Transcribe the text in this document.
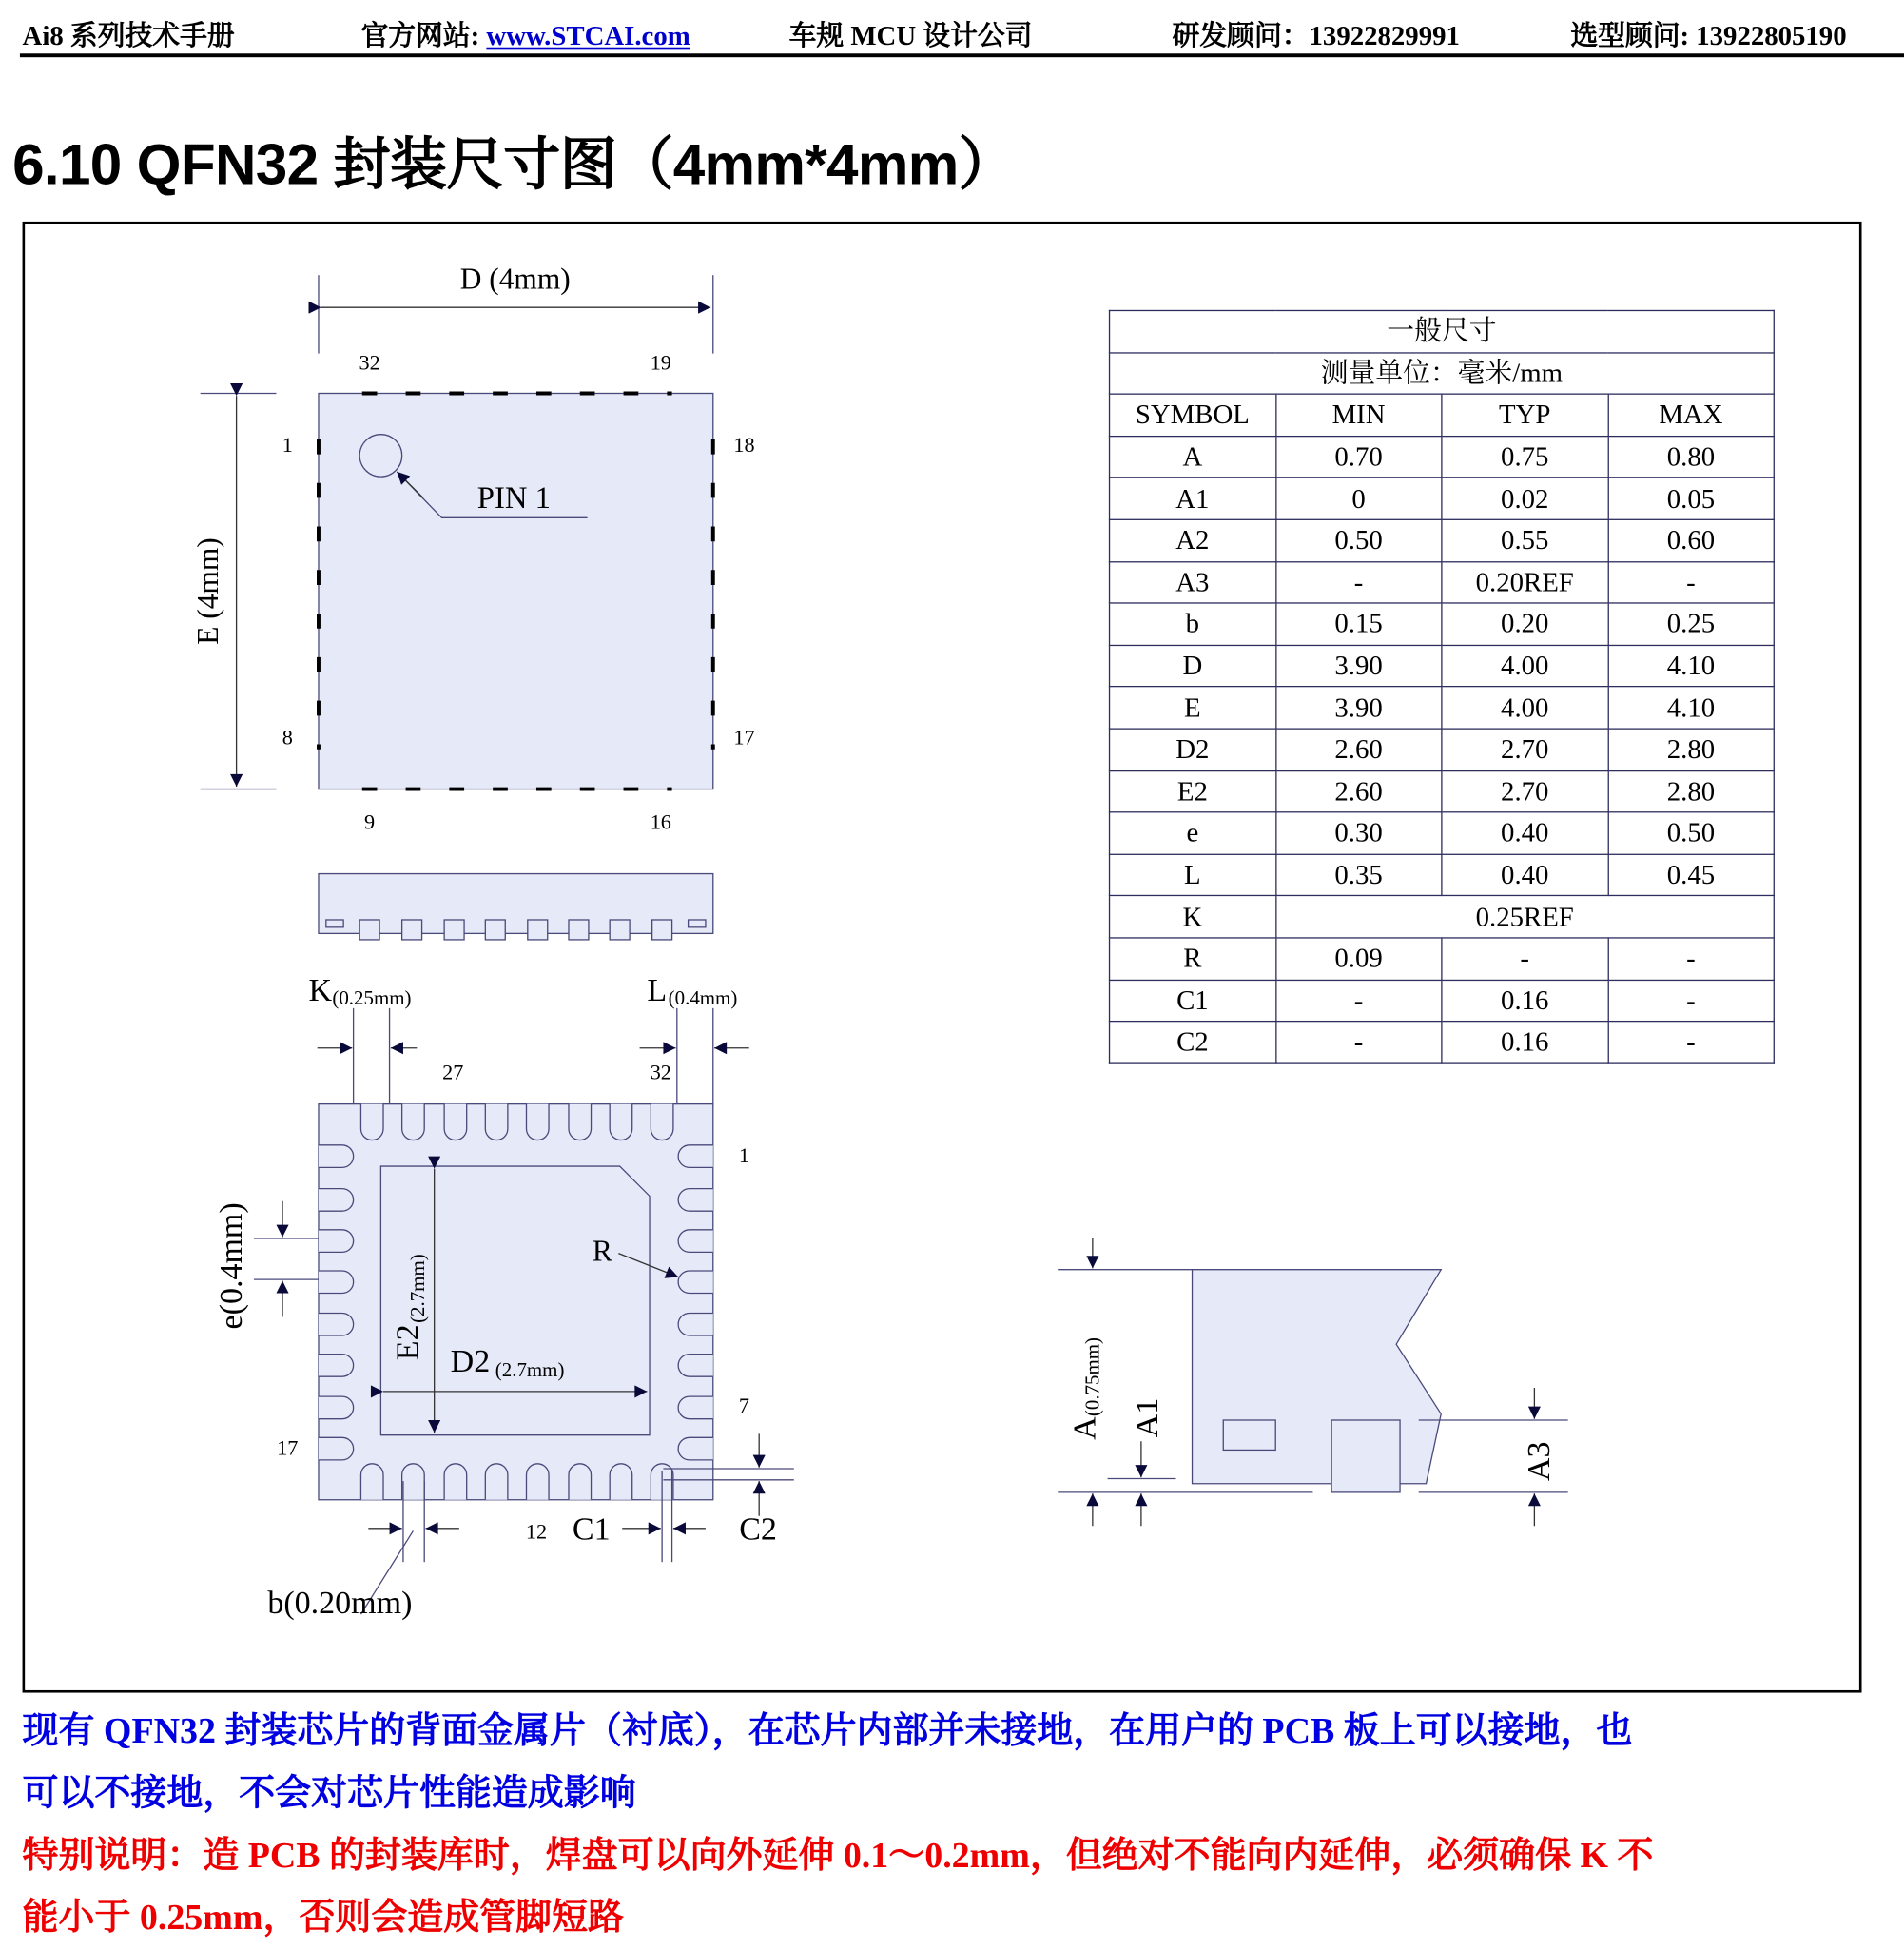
Ai8 系列技术手册	官方网站: www.STCAI.com	车规 MCU 设计公司	研发顾问：13922829991	选型顾问: 13922805190
6.10 QFN32 封装尺寸图（4mm*4mm）
D (4mm)
E (4mm)
32	19
1	18
8	17
9	16
PIN 1
K (0.25mm)	L (0.4mm)
27	32
1
7
17
12
E2
(2.7mm)
D2 (2.7mm)
R
e(0.4mm)
b(0.20mm)
C1	C2
A
(0.75mm)
A1
A3
一般尺寸			
测量单位：毫米/mm			
SYMBOL	MIN	TYP	MAX
A	0.70	0.75	0.80
A1	0	0.02	0.05
A2	0.50	0.55	0.60
A3	-	0.20REF	-
b	0.15	0.20	0.25
D	3.90	4.00	4.10
E	3.90	4.00	4.10
D2	2.60	2.70	2.80
E2	2.60	2.70	2.80
e	0.30	0.40	0.50
L	0.35	0.40	0.45
K	0.25REF		
R	0.09	-	-
C1	-	0.16	-
C2	-	0.16	-
现有 QFN32 封装芯片的背面金属片（衬底），在芯片内部并未接地，在用户的 PCB 板上可以接地，也
可以不接地，不会对芯片性能造成影响
特别说明：造 PCB 的封装库时，焊盘可以向外延伸 0.1～0.2mm，但绝对不能向内延伸，必须确保 K 不
能小于 0.25mm，否则会造成管脚短路
